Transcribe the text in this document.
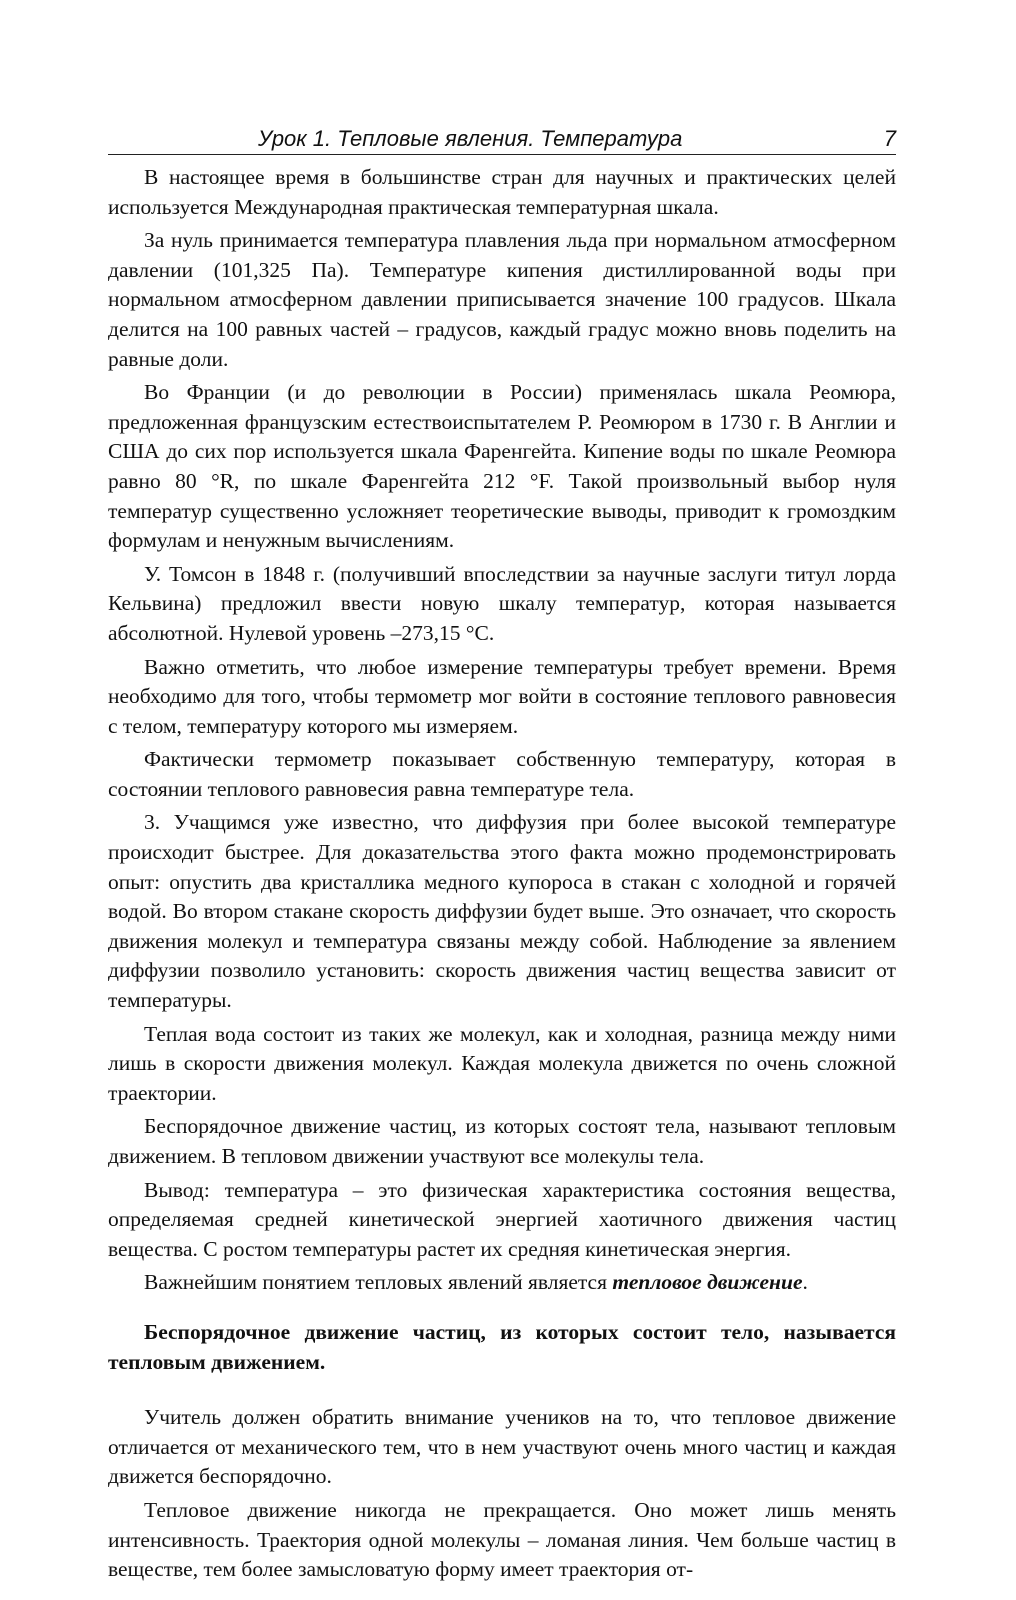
Урок 1. Тепловые явления. Температура	7

В настоящее время в большинстве стран для научных и практических целей используется Международная практическая температурная шкала.

За нуль принимается температура плавления льда при нормальном атмосферном давлении (101,325 Па). Температуре кипения дистиллированной воды при нормальном атмосферном давлении приписывается значение 100 градусов. Шкала делится на 100 равных частей – градусов, каждый градус можно вновь поделить на равные доли.

Во Франции (и до революции в России) применялась шкала Реомюра, предложенная французским естествоиспытателем Р. Реомюром в 1730 г. В Англии и США до сих пор используется шкала Фаренгейта. Кипение воды по шкале Реомюра равно 80 °R, по шкале Фаренгейта 212 °F. Такой произвольный выбор нуля температур существенно усложняет теоретические выводы, приводит к громоздким формулам и ненужным вычислениям.

У. Томсон в 1848 г. (получивший впоследствии за научные заслуги титул лорда Кельвина) предложил ввести новую шкалу температур, которая называется абсолютной. Нулевой уровень –273,15 °С.

Важно отметить, что любое измерение температуры требует времени. Время необходимо для того, чтобы термометр мог войти в состояние теплового равновесия с телом, температуру которого мы измеряем.

Фактически термометр показывает собственную температуру, которая в состоянии теплового равновесия равна температуре тела.

3. Учащимся уже известно, что диффузия при более высокой температуре происходит быстрее. Для доказательства этого факта можно продемонстрировать опыт: опустить два кристаллика медного купороса в стакан с холодной и горячей водой. Во втором стакане скорость диффузии будет выше. Это означает, что скорость движения молекул и температура связаны между собой. Наблюдение за явлением диффузии позволило установить: скорость движения частиц вещества зависит от температуры.

Теплая вода состоит из таких же молекул, как и холодная, разница между ними лишь в скорости движения молекул. Каждая молекула движется по очень сложной траектории.

Беспорядочное движение частиц, из которых состоят тела, называют тепловым движением. В тепловом движении участвуют все молекулы тела.

Вывод: температура – это физическая характеристика состояния вещества, определяемая средней кинетической энергией хаотичного движения частиц вещества. С ростом температуры растет их средняя кинетическая энергия.

Важнейшим понятием тепловых явлений является тепловое движение.

Беспорядочное движение частиц, из которых состоит тело, называется тепловым движением.

Учитель должен обратить внимание учеников на то, что тепловое движение отличается от механического тем, что в нем участвуют очень много частиц и каждая движется беспорядочно.

Тепловое движение никогда не прекращается. Оно может лишь менять интенсивность. Траектория одной молекулы – ломаная линия. Чем больше частиц в веществе, тем более замысловатую форму имеет траектория от-
